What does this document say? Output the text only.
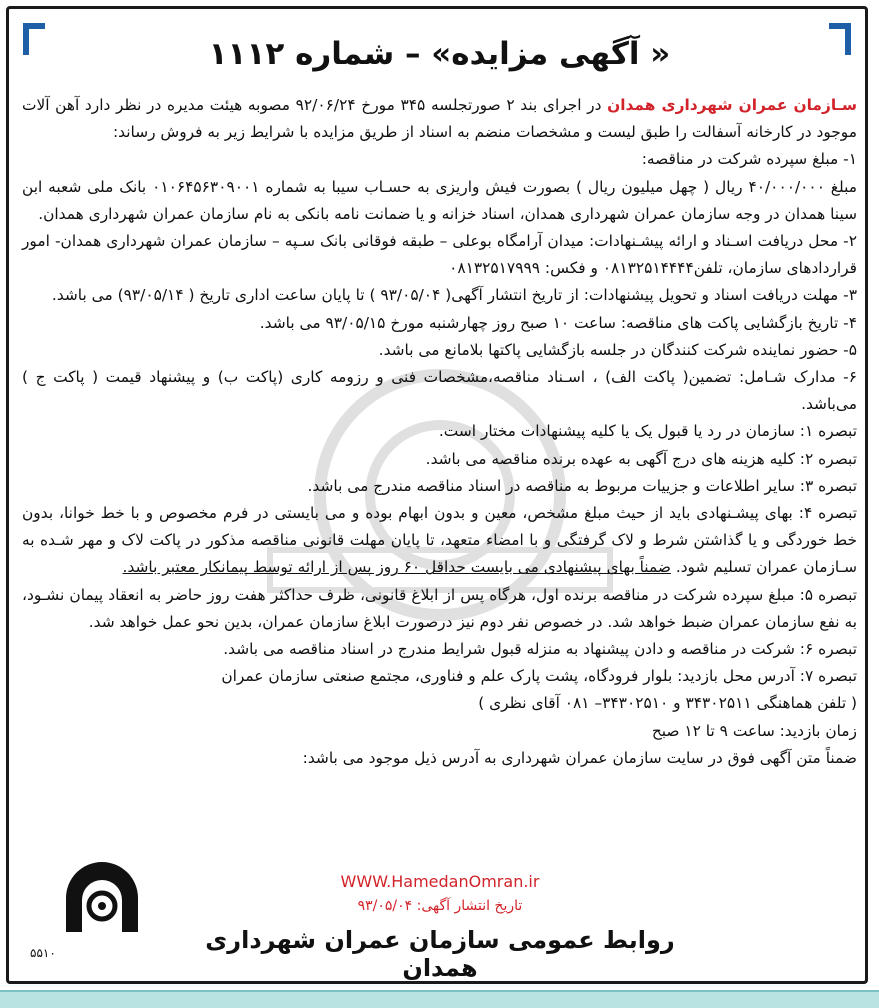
« آگهی مزایده» – شماره ۱۱۱۲

سـازمان عمران شهرداری همدان در اجرای بند ۲ صورتجلسه ۳۴۵ مورخ ۹۲/۰۶/۲۴ مصوبه هیئت مدیره در نظر دارد آهن آلات موجود در کارخانه آسفالت را طبق لیست و مشخصات منضم به اسناد از طریق مزایده با شرایط زیر به فروش رساند:

۱- مبلغ سپرده شرکت در مناقصه:

مبلغ ۴۰/۰۰۰/۰۰۰ ریال ( چهل میلیون ریال ) بصورت فیش واریزی به حسـاب سیبا به شماره ۰۱۰۶۴۵۶۳۰۹۰۰۱ بانک ملی شعبه ابن سینا همدان در وجه سازمان عمران شهرداری همدان، اسناد خزانه و یا ضمانت نامه بانکی به نام سازمان عمران شهرداری همدان.

۲- محل دریافت اسـناد و ارائه پیشـنهادات: میدان آرامگاه بوعلی – طبقه فوقانی بانک سـپه – سازمان عمران شهرداری همدان- امور قراردادهای سازمان، تلفن۰۸۱۳۲۵۱۴۴۴۴ و فکس: ۰۸۱۳۲۵۱۷۹۹۹

۳- مهلت دریافت اسناد و تحویل پیشنهادات: از تاریخ انتشار آگهی( ۹۳/۰۵/۰۴ ) تا پایان ساعت اداری تاریخ ( ۹۳/۰۵/۱۴) می باشد.

۴- تاریخ بازگشایی پاکت های مناقصه: ساعت ۱۰ صبح روز چهارشنبه مورخ ۹۳/۰۵/۱۵ می باشد.

۵- حضور نماینده شرکت کنندگان در جلسه بازگشایی پاکتها بلامانع می باشد.

۶- مدارک شـامل: تضمین( پاکت الف) ، اسـناد مناقصه،مشخصات فنی و رزومه کاری (پاکت ب) و پیشنهاد قیمت ( پاکت ج ) می‌باشد.

تبصره ۱: سازمان در رد یا قبول یک یا کلیه پیشنهادات مختار است.

تبصره ۲: کلیه هزینه های درج آگهی به عهده برنده مناقصه می باشد.

تبصره ۳: سایر اطلاعات و جزییات مربوط به مناقصه در اسناد مناقصه مندرج می باشد.

تبصره ۴: بهای پیشـنهادی باید از حیث مبلغ مشخص، معین و بدون ابهام بوده و می بایستی در فرم مخصوص و با خط خوانا، بدون خط خوردگی و یا گذاشتن شرط و لاک گرفتگی و با امضاء متعهد، تا پایان مهلت قانونی مناقصه مذکور در پاکت لاک و مهر شـده به سـازمان عمران تسلیم شود. ضمناً بهای پیشنهادی می بایست حداقل ۶۰ روز پس از ارائه توسط پیمانکار معتبر باشد.

تبصره ۵: مبلغ سپرده شرکت در مناقصه برنده اول، هرگاه پس از ابلاغ قانونی، ظرف حداکثر هفت روز حاضر به انعقاد پیمان نشـود، به نفع سازمان عمران ضبط خواهد شد. در خصوص نفر دوم نیز درصورت ابلاغ سازمان عمران، بدین نحو عمل خواهد شد.

تبصره ۶: شرکت در مناقصه و دادن پیشنهاد به منزله قبول شرایط مندرج در اسناد مناقصه می باشد.

تبصره ۷: آدرس محل بازدید: بلوار فرودگاه، پشت پارک علم و فناوری، مجتمع صنعتی سازمان عمران

( تلفن هماهنگی ۳۴۳۰۲۵۱۱ و ۳۴۳۰۲۵۱۰– ۰۸۱ آقای نظری )

زمان بازدید: ساعت ۹ تا ۱۲ صبح

ضمناً متن آگهی فوق در سایت سازمان عمران شهرداری به آدرس ذیل موجود می باشد:

WWW.HamedanOmran.ir
تاریخ انتشار آگهی: ۹۳/۰۵/۰۴
روابط عمومی سازمان عمران شهرداری همدان
۵۵۱۰
